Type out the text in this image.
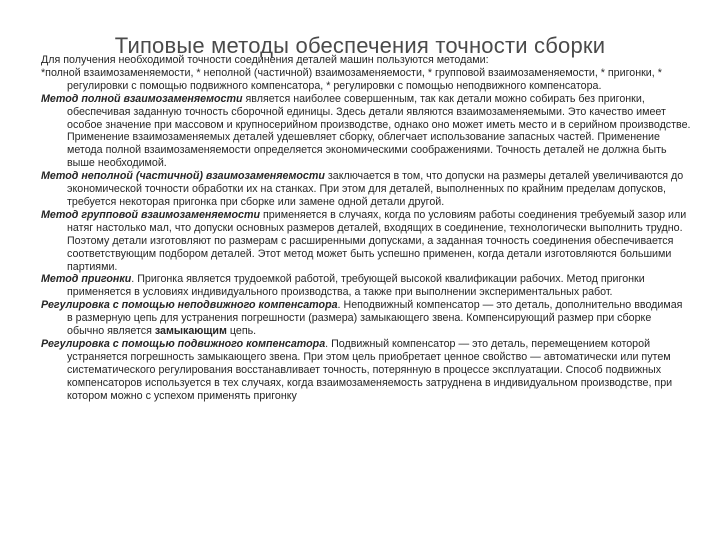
Типовые методы обеспечения точности сборки

Для получения необходимой точности соединения деталей машин пользуются методами:

*полной взаимозаменяемости, * неполной (частичной) взаимозаменяемости, * групповой взаимозаменяемости, * пригонки, * регулировки с помощью подвижного компенсатора, * регулировки с помощью неподвижного компенсатора.

Метод полной взаимозаменяемости является наиболее совершенным, так как детали можно собирать без пригонки, обеспечивая заданную точность сборочной единицы. Здесь детали являются взаимозаменяемыми. Это качество имеет особое значение при массовом и крупносерийном производстве, однако оно может иметь место и в серийном производстве. Применение взаимозаменяемых деталей удешевляет сборку, облегчает использование запасных частей. Применение метода полной взаимозаменяемости определяется экономическими соображениями. Точность деталей не должна быть выше необходимой.

Метод неполной (частичной) взаимозаменяемости заключается в том, что допуски на размеры деталей увеличиваются до экономической точности обработки их на станках. При этом для деталей, выполненных по крайним пределам допусков, требуется некоторая пригонка при сборке или замене одной детали другой.

Метод групповой взаимозаменяемости применяется в случаях, когда по условиям работы соединения требуемый зазор или натяг настолько мал, что допуски основных размеров деталей, входящих в соединение, технологически выполнить трудно. Поэтому детали изготовляют по размерам с расширенными допусками, а заданная точность соединения обеспечивается соответствующим подбором деталей. Этот метод может быть успешно применен, когда детали изготовляются большими партиями.

Метод пригонки. Пригонка является трудоемкой работой, требующей высокой квалификации рабочих. Метод пригонки применяется в условиях индивидуального производства, а также при выполнении экспериментальных работ.

Регулировка с помощью неподвижного компенсатора. Неподвижный компенсатор — это деталь, дополнительно вводимая в размерную цепь для устранения погрешности (размера) замыкающего звена. Компенсирующий размер при сборке обычно является замыкающим цепь.

Регулировка с помощью подвижного компенсатора. Подвижный компенсатор — это деталь, перемещением которой устраняется погрешность замыкающего звена. При этом цель приобретает ценное свойство — автоматически или путем систематического регулирования восстанавливает точность, потерянную в процессе эксплуатации. Способ подвижных компенсаторов используется в тех случаях, когда взаимозаменяемость затруднена в индивидуальном производстве, при котором можно с успехом применять пригонку
